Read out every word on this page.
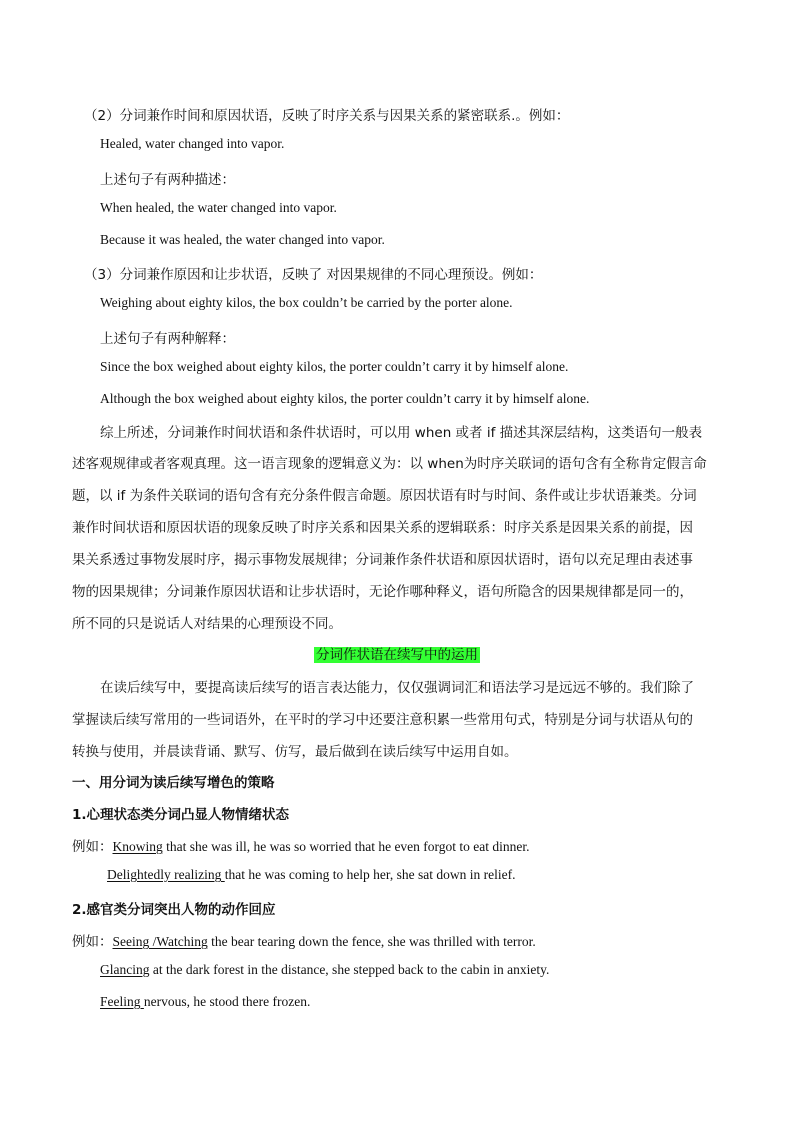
（2）分词兼作时间和原因状语，反映了时序关系与因果关系的紧密联系.。例如：
Healed, water changed into vapor.
上述句子有两种描述：
When healed, the water changed into vapor.
Because it was healed, the water changed into vapor.
（3）分词兼作原因和让步状语，反映了 对因果规律的不同心理预设。例如：
Weighing about eighty kilos, the box couldn’t be carried by the porter alone.
上述句子有两种解释：
Since the box weighed about eighty kilos, the porter couldn’t carry it by himself alone.
Although the box weighed about eighty kilos, the porter couldn’t carry it by himself alone.
综上所述，分词兼作时间状语和条件状语时，可以用 when 或者 if 描述其深层结构，这类语句一般表
述客观规律或者客观真理。这一语言现象的逻辑意义为：以 when为时序关联词的语句含有全称肯定假言命
题，以 if 为条件关联词的语句含有充分条件假言命题。原因状语有时与时间、条件或让步状语兼类。分词
兼作时间状语和原因状语的现象反映了时序关系和因果关系的逻辑联系：时序关系是因果关系的前提，因
果关系透过事物发展时序，揭示事物发展规律；分词兼作条件状语和原因状语时，语句以充足理由表述事
物的因果规律；分词兼作原因状语和让步状语时，无论作哪种释义，语句所隐含的因果规律都是同一的，
所不同的只是说话人对结果的心理预设不同。
分词作状语在续写中的运用
在读后续写中，要提高读后续写的语言表达能力，仅仅强调词汇和语法学习是远远不够的。我们除了
掌握读后续写常用的一些词语外，在平时的学习中还要注意积累一些常用句式，特别是分词与状语从句的
转换与使用，并晨读背诵、默写、仿写，最后做到在读后续写中运用自如。
一、用分词为读后续写增色的策略
1.心理状态类分词凸显人物情绪状态
例如：Knowing that she was ill, he was so worried that he even forgot to eat dinner.
Delightedly realizing that he was coming to help her, she sat down in relief.
2.感官类分词突出人物的动作回应
例如：Seeing /Watching the bear tearing down the fence, she was thrilled with terror.
Glancing at the dark forest in the distance, she stepped back to the cabin in anxiety.
Feeling nervous, he stood there frozen.
